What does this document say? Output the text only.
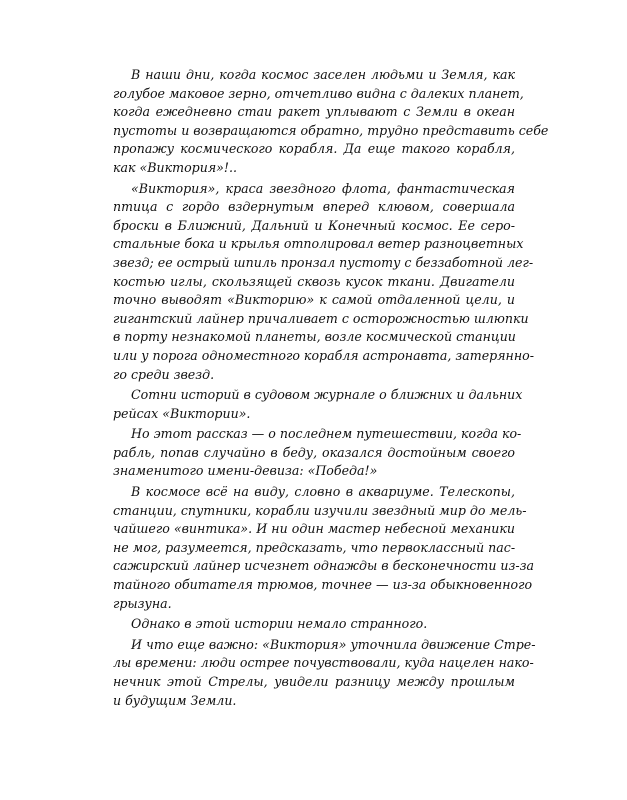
В наши дни, когда космос заселен людьми и Земля, как
голубое маковое зерно, отчетливо видна с далеких планет,
когда ежедневно стаи ракет уплывают с Земли в океан
пустоты и возвращаются обратно, трудно представить себе
пропажу космического корабля. Да еще такого корабля,
как «Виктория»!..
«Виктория», краса звездного флота, фантастическая
птица с гордо вздернутым вперед клювом, совершала
броски в Ближний, Дальний и Конечный космос. Ее серо-
стальные бока и крылья отполировал ветер разноцветных
звезд; ее острый шпиль пронзал пустоту с беззаботной лег-
костью иглы, скользящей сквозь кусок ткани. Двигатели
точно выводят «Викторию» к самой отдаленной цели, и
гигантский лайнер причаливает с осторожностью шлюпки
в порту незнакомой планеты, возле космической станции
или у порога одноместного корабля астронавта, затерянно-
го среди звезд.
Сотни историй в судовом журнале о ближних и дальних
рейсах «Виктории».
Но этот рассказ — о последнем путешествии, когда ко-
рабль, попав случайно в беду, оказался достойным своего
знаменитого имени-девиза: «Победа!»
В космосе всё на виду, словно в аквариуме. Телескопы,
станции, спутники, корабли изучили звездный мир до мель-
чайшего «винтика». И ни один мастер небесной механики
не мог, разумеется, предсказать, что первоклассный пас-
сажирский лайнер исчезнет однажды в бесконечности из-за
тайного обитателя трюмов, точнее — из-за обыкновенного
грызуна.
Однако в этой истории немало странного.
И что еще важно: «Виктория» уточнила движение Стре-
лы времени: люди острее почувствовали, куда нацелен нако-
нечник этой Стрелы, увидели разницу между прошлым
и будущим Земли.
